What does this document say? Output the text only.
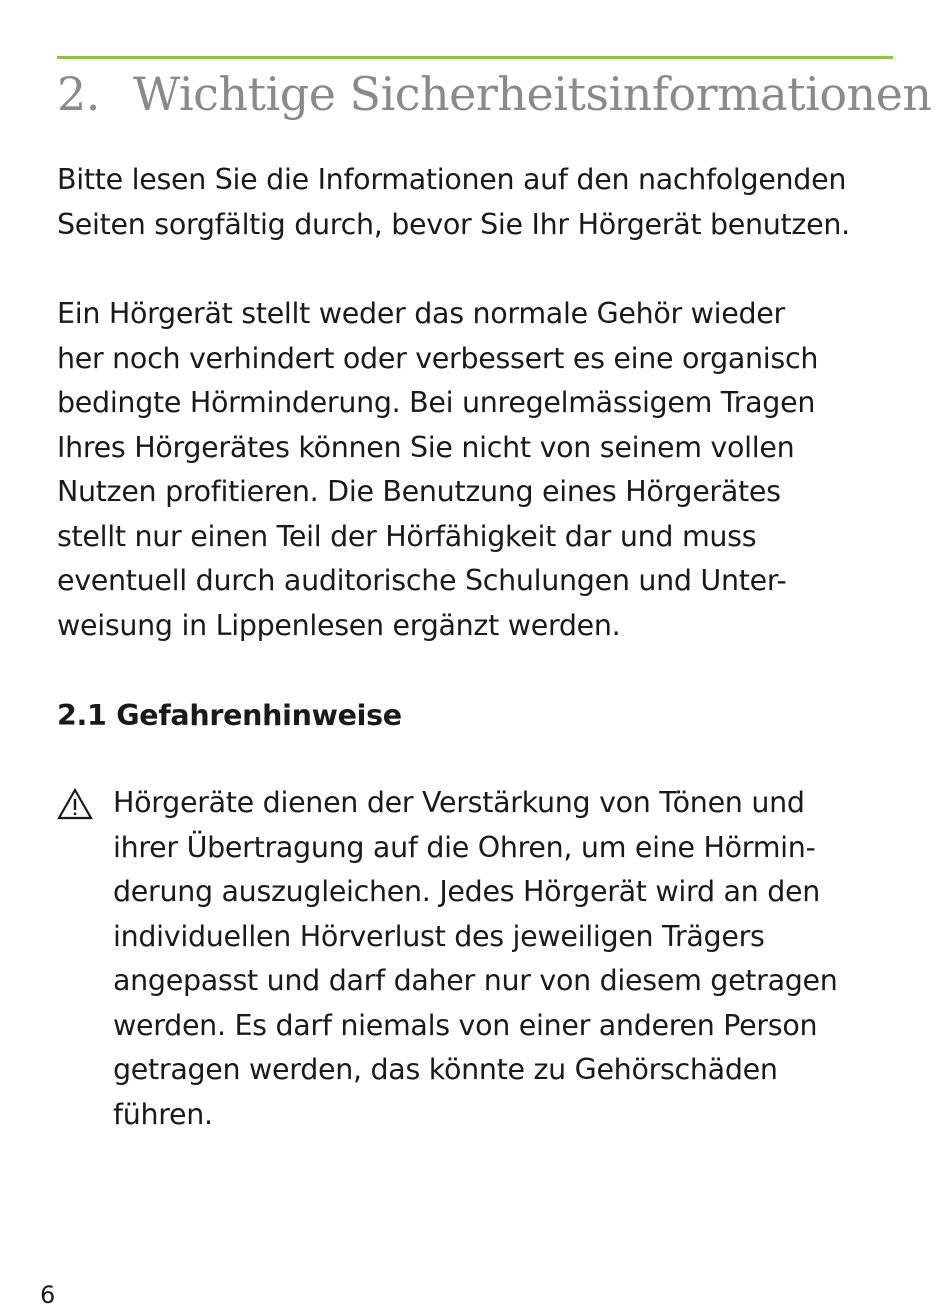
2. Wichtige Sicherheitsinformationen

Bitte lesen Sie die Informationen auf den nachfolgenden
Seiten sorgfältig durch, bevor Sie Ihr Hörgerät benutzen.

Ein Hörgerät stellt weder das normale Gehör wieder
her noch verhindert oder verbessert es eine organisch
bedingte Hörminderung. Bei unregelmässigem Tragen
Ihres Hörgerätes können Sie nicht von seinem vollen
Nutzen profitieren. Die Benutzung eines Hörgerätes
stellt nur einen Teil der Hörfähigkeit dar und muss
eventuell durch auditorische Schulungen und Unter-
weisung in Lippenlesen ergänzt werden.

2.1 Gefahrenhinweise

Hörgeräte dienen der Verstärkung von Tönen und
ihrer Übertragung auf die Ohren, um eine Hörmin-
derung auszugleichen. Jedes Hörgerät wird an den
individuellen Hörverlust des jeweiligen Trägers
angepasst und darf daher nur von diesem getragen
werden. Es darf niemals von einer anderen Person
getragen werden, das könnte zu Gehörschäden
führen.

6
